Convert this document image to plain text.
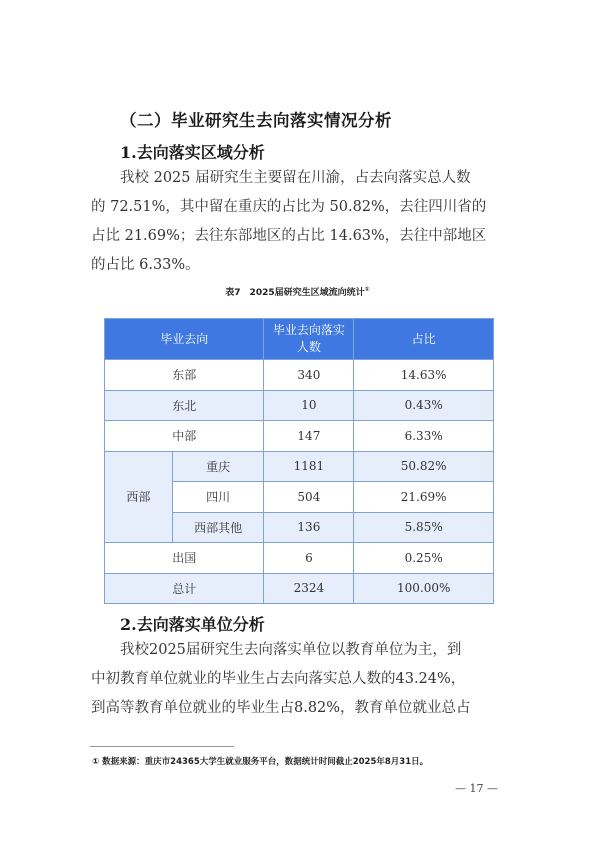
（二）毕业研究生去向落实情况分析
1.去向落实区域分析
我校 2025 届研究生主要留在川渝，占去向落实总人数
的 72.51%，其中留在重庆的占比为 50.82%，去往四川省的
占比 21.69%；去往东部地区的占比 14.63%，去往中部地区
的占比 6.33%。
表7　2025届研究生区域流向统计①
毕业去向		毕业去向落实人数	占比
东部		340	14.63%
东北		10	0.43%
中部		147	6.33%
西部	重庆	1181	50.82%
	四川	504	21.69%
	西部其他	136	5.85%
出国		6	0.25%
总计		2324	100.00%
2.去向落实单位分析
我校2025届研究生去向落实单位以教育单位为主，到
中初教育单位就业的毕业生占去向落实总人数的43.24%，
到高等教育单位就业的毕业生占8.82%，教育单位就业总占
① 数据来源：重庆市24365大学生就业服务平台，数据统计时间截止2025年8月31日。
— 17 —
